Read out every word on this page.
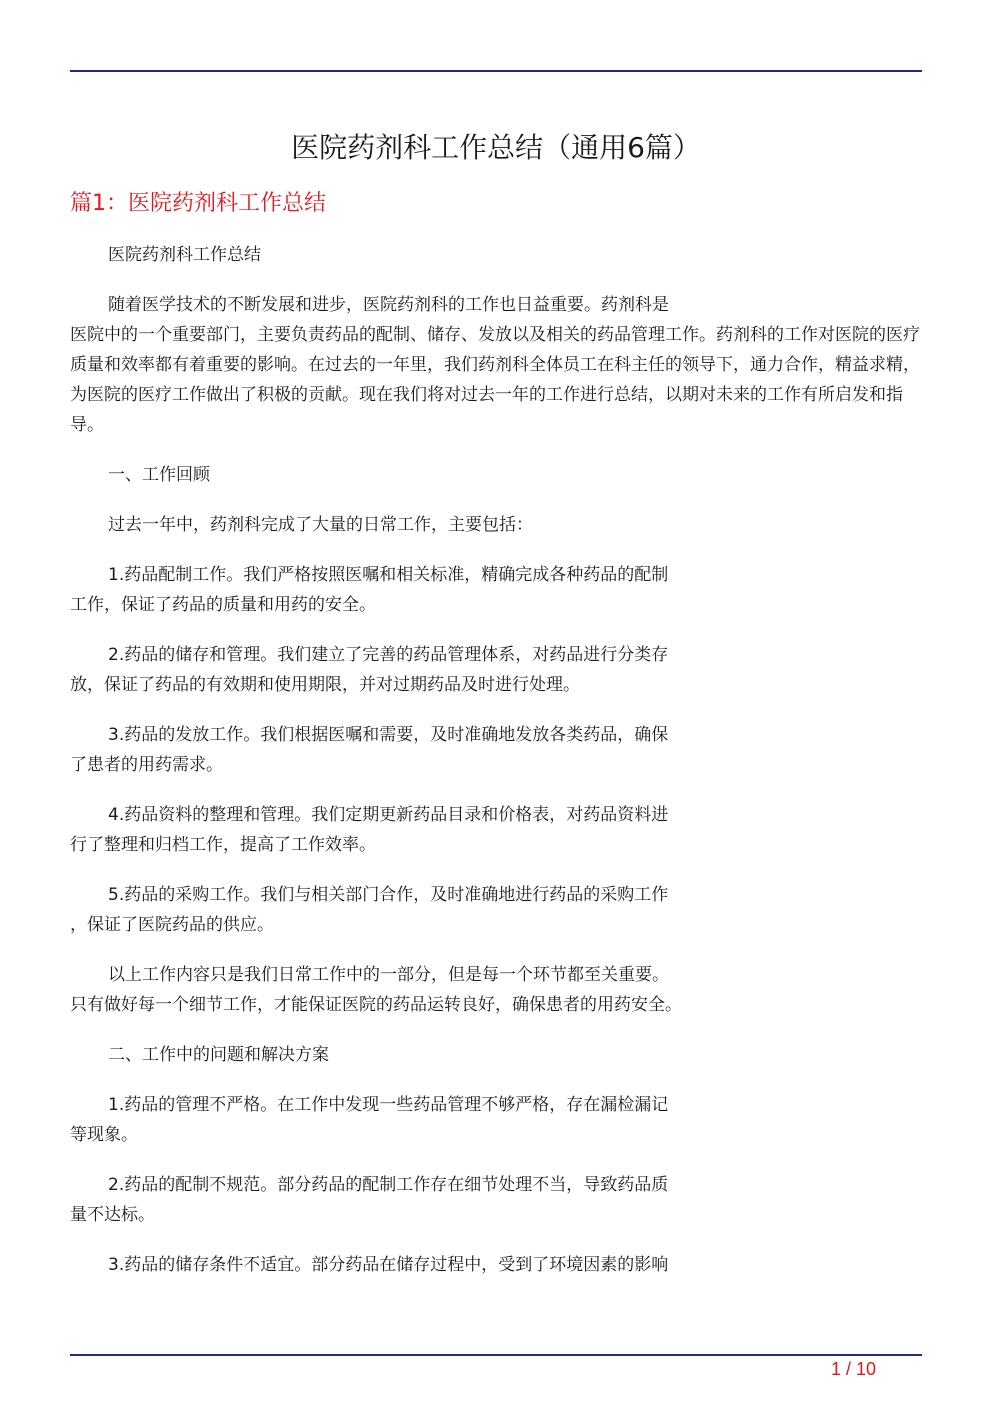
医院药剂科工作总结（通用6篇）
篇1：医院药剂科工作总结

医院药剂科工作总结

随着医学技术的不断发展和进步，医院药剂科的工作也日益重要。药剂科是
医院中的一个重要部门，主要负责药品的配制、储存、发放以及相关的药品管理工作。药剂科的工作对医院的医疗质量和效率都有着重要的影响。在过去的一年里，我们药剂科全体员工在科主任的领导下，通力合作，精益求精，为医院的医疗工作做出了积极的贡献。现在我们将对过去一年的工作进行总结，以期对未来的工作有所启发和指导。

一、工作回顾

过去一年中，药剂科完成了大量的日常工作，主要包括：

1.药品配制工作。我们严格按照医嘱和相关标准，精确完成各种药品的配制
工作，保证了药品的质量和用药的安全。

2.药品的储存和管理。我们建立了完善的药品管理体系，对药品进行分类存
放，保证了药品的有效期和使用期限，并对过期药品及时进行处理。

3.药品的发放工作。我们根据医嘱和需要，及时准确地发放各类药品，确保
了患者的用药需求。

4.药品资料的整理和管理。我们定期更新药品目录和价格表，对药品资料进
行了整理和归档工作，提高了工作效率。

5.药品的采购工作。我们与相关部门合作，及时准确地进行药品的采购工作
，保证了医院药品的供应。

以上工作内容只是我们日常工作中的一部分，但是每一个环节都至关重要。
只有做好每一个细节工作，才能保证医院的药品运转良好，确保患者的用药安全。

二、工作中的问题和解决方案

1.药品的管理不严格。在工作中发现一些药品管理不够严格，存在漏检漏记
等现象。

2.药品的配制不规范。部分药品的配制工作存在细节处理不当，导致药品质
量不达标。

3.药品的储存条件不适宜。部分药品在储存过程中，受到了环境因素的影响

1 / 10
